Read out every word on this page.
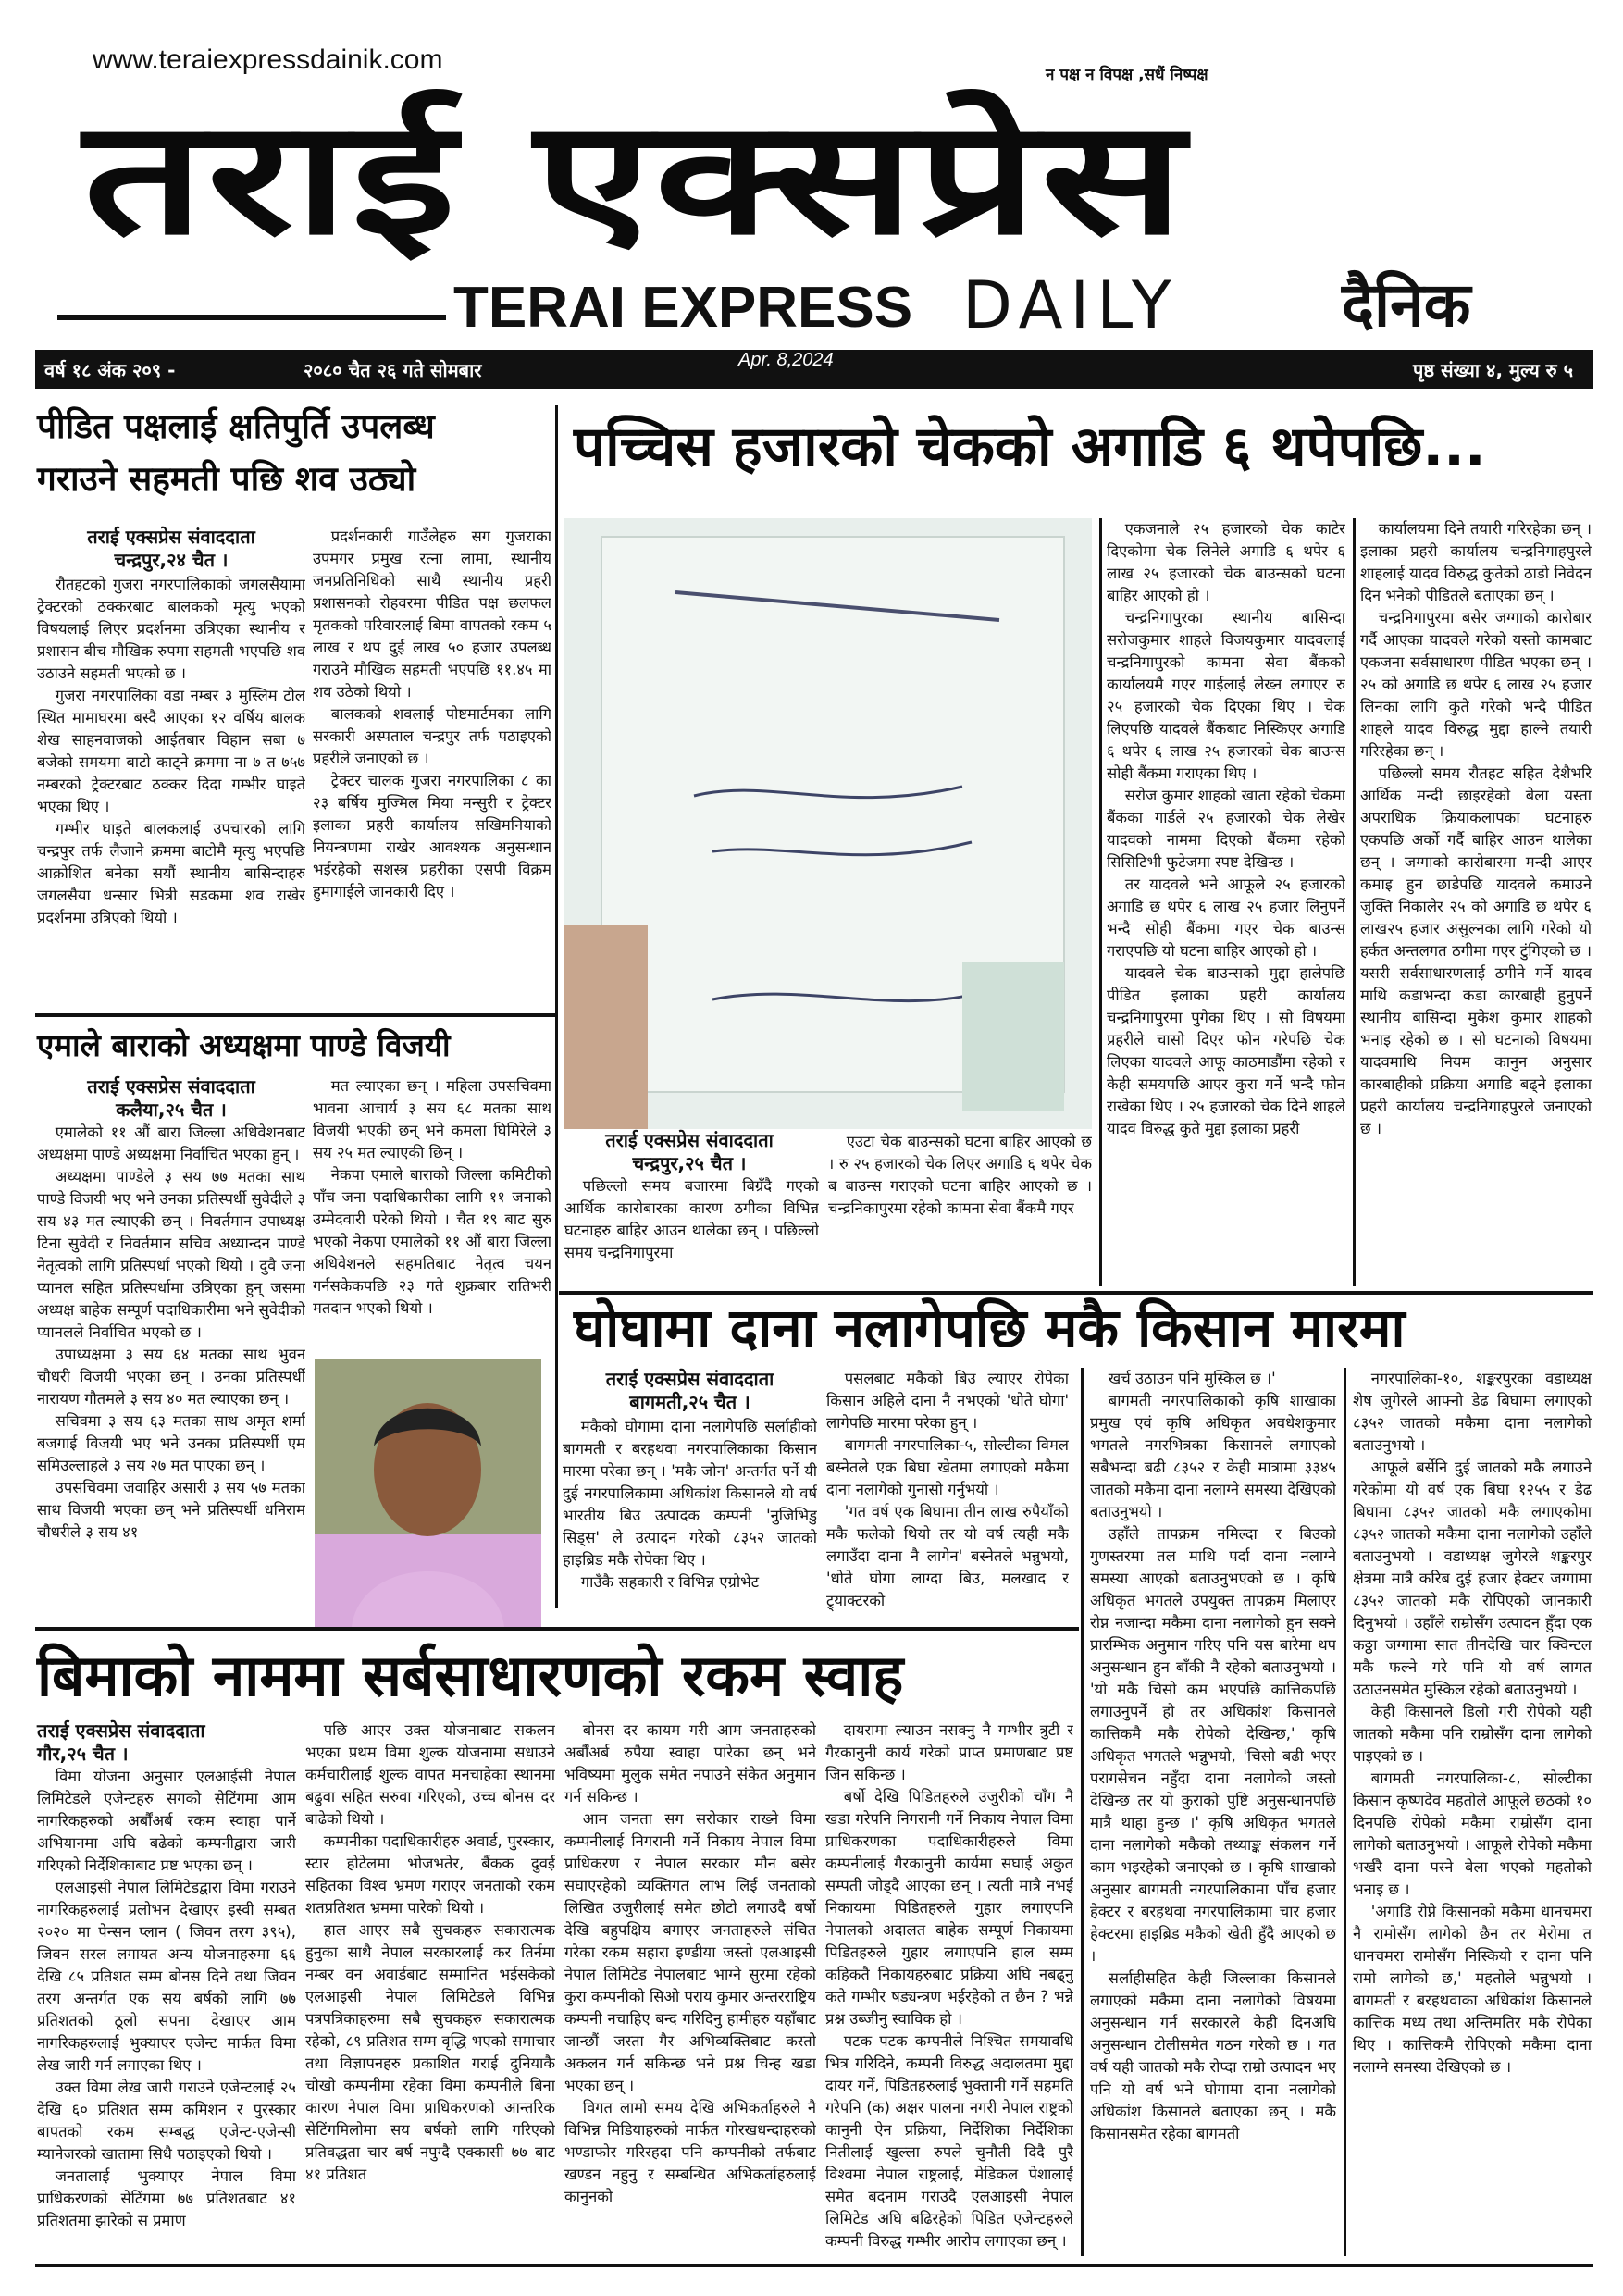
www.teraiexpressdainik.com	न पक्ष न विपक्ष ,सधैं निष्पक्ष
तराई एक्सप्रेस
TERAI EXPRESS DAILY	दैनिक
वर्ष १८ अंक २०९ -	२०८० चैत २६ गते सोमबार	Apr. 8,2024	पृष्ठ संख्या ४, मुल्य रु ५
पीडित पक्षलाई क्षतिपुर्ति उपलब्ध
गराउने सहमती पछि शव उठ्यो
तराई एक्सप्रेस संवाददाता
चन्द्रपुर,२४ चैत ।

रौतहटको गुजरा नगरपालिकाको जगलसैयामा ट्रेक्टरको ठक्करबाट बालकको मृत्यु भएको विषयलाई लिएर प्रदर्शनमा उत्रिएका स्थानीय र प्रशासन बीच मौखिक रुपमा सहमती भएपछि शव उठाउने सहमती भएको छ ।

गुजरा नगरपालिका वडा नम्बर ३ मुस्लिम टोल स्थित मामाघरमा बस्दै आएका १२ वर्षिय बालक शेख साहनवाजको आईतबार विहान सबा ७ बजेको समयमा बाटो काट्ने क्रममा ना ७ त ७५७ नम्बरको ट्रेक्टरबाट ठक्कर दिदा गम्भीर घाइते भएका थिए ।

गम्भीर घाइते बालकलाई उपचारको लागि चन्द्रपुर तर्फ लैजाने क्रममा बाटोमै मृत्यु भएपछि आक्रोशित बनेका सयौं स्थानीय बासिन्दाहरु जगलसैया धन्सार भित्री सडकमा शव राखेर प्रदर्शनमा उत्रिएको थियो ।

प्रदर्शनकारी गाउँलेहरु सग गुजराका उपमगर प्रमुख रत्ना लामा, स्थानीय जनप्रतिनिधिको साथै स्थानीय प्रहरी प्रशासनको रोहवरमा पीडित पक्ष छलफल मृतकको परिवारलाई बिमा वापतको रकम ५ लाख र थप दुई लाख ५० हजार उपलब्ध गराउने मौखिक सहमती भएपछि ११.४५ मा शव उठेको थियो ।

बालकको शवलाई पोष्टमार्टमका लागि सरकारी अस्पताल चन्द्रपुर तर्फ पठाइएको प्रहरीले जनाएको छ ।

ट्रेक्टर चालक गुजरा नगरपालिका ८ का २३ बर्षिय मुज्मिल मिया मन्सुरी र ट्रेक्टर इलाका प्रहरी कार्यालय सखिमनियाको नियन्त्रणमा राखेर आवश्यक अनुसन्धान भईरहेको सशस्त्र प्रहरीका एसपी विक्रम हुमागाईले जानकारी दिए ।

पच्चिस हजारको चेकको अगाडि ६ थपेपछि...
तराई एक्सप्रेस संवाददाता
चन्द्रपुर,२५ चैत ।

पछिल्लो समय बजारमा बिग्रँदै गएको आर्थिक कारोबारका कारण ठगीका विभिन्न घटनाहरु बाहिर आउन थालेका छन् । पछिल्लो समय चन्द्रनिगापुरमा

एउटा चेक बाउन्सको घटना बाहिर आएको छ । रु २५ हजारको चेक लिएर अगाडि ६ थपेर चेक ब बाउन्स गराएको घटना बाहिर आएको छ । चन्द्रनिकापुरमा रहेको कामना सेवा बैंकमै गएर

एकजनाले २५ हजारको चेक काटेर दिएकोमा चेक लिनेले अगाडि ६ थपेर ६ लाख २५ हजारको चेक बाउन्सको घटना बाहिर आएको हो ।

चन्द्रनिगापुरका स्थानीय बासिन्दा सरोजकुमार शाहले विजयकुमार यादवलाई चन्द्रनिगापुरको कामना सेवा बैंकको कार्यालयमै गएर गाईलाई लेख्न लगाएर रु २५ हजारको चेक दिएका थिए । चेक लिएपछि यादवले बैंकबाट निस्किएर अगाडि ६ थपेर ६ लाख २५ हजारको चेक बाउन्स सोही बैंकमा गराएका थिए ।

सरोज कुमार शाहको खाता रहेको चेकमा बैंकका गार्डले २५ हजारको चेक लेखेर यादवको नाममा दिएको बैंकमा रहेको सिसिटिभी फुटेजमा स्पष्ट देखिन्छ ।

तर यादवले भने आफूले २५ हजारको अगाडि छ थपेर ६ लाख २५ हजार लिनुपर्ने भन्दै सोही बैंकमा गएर चेक बाउन्स गराएपछि यो घटना बाहिर आएको हो ।

यादवले चेक बाउन्सको मुद्दा हालेपछि पीडित इलाका प्रहरी कार्यालय चन्द्रनिगापुरमा पुगेका थिए । सो विषयमा प्रहरीले चासो दिएर फोन गरेपछि चेक लिएका यादवले आफू काठमाडौंमा रहेको र केही समयपछि आएर कुरा गर्ने भन्दै फोन राखेका थिए । २५ हजारको चेक दिने शाहले यादव विरुद्ध कुते मुद्दा इलाका प्रहरी

कार्यालयमा दिने तयारी गरिरहेका छन् । इलाका प्रहरी कार्यालय चन्द्रनिगाहपुरले शाहलाई यादव विरुद्ध कुतेको ठाडो निवेदन दिन भनेको पीडितले बताएका छन् ।

चन्द्रनिगापुरमा बसेर जग्गाको कारोबार गर्दै आएका यादवले गरेको यस्तो कामबाट एकजना सर्वसाधारण पीडित भएका छन् । २५ को अगाडि छ थपेर ६ लाख २५ हजार लिनका लागि कुते गरेको भन्दै पीडित शाहले यादव विरुद्ध मुद्दा हाल्ने तयारी गरिरहेका छन् ।

पछिल्लो समय रौतहट सहित देशैभरि आर्थिक मन्दी छाइरहेको बेला यस्ता अपराधिक क्रियाकलापका घटनाहरु एकपछि अर्को गर्दै बाहिर आउन थालेका छन् । जग्गाको कारोबारमा मन्दी आएर कमाइ हुन छाडेपछि यादवले कमाउने जुक्ति निकालेर २५ को अगाडि छ थपेर ६ लाख२५ हजार असुल्नका लागि गरेको यो हर्कत अन्तलगत ठगीमा गएर टुंगिएको छ । यसरी सर्वसाधारणलाई ठगीने गर्ने यादव माथि कडाभन्दा कडा कारबाही हुनुपर्ने स्थानीय बासिन्दा मुकेश कुमार शाहको भनाइ रहेको छ । सो घटनाको विषयमा यादवमाथि नियम कानुन अनुसार कारबाहीको प्रक्रिया अगाडि बढ्ने इलाका प्रहरी कार्यालय चन्द्रनिगाहपुरले जनाएको छ ।

एमाले बाराको अध्यक्षमा पाण्डे विजयी
तराई एक्सप्रेस संवाददाता
कलैया,२५ चैत ।

एमालेको ११ औं बारा जिल्ला अधिवेशनबाट अध्यक्षमा पाण्डे अध्यक्षमा निर्वाचित भएका हुन् ।

अध्यक्षमा पाण्डेले ३ सय ७७ मतका साथ पाण्डे विजयी भए भने उनका प्रतिस्पर्धी सुवेदीले ३ सय ४३ मत ल्याएकी छन् । निवर्तमान उपाध्यक्ष टिना सुवेदी र निवर्तमान सचिव अध्यान्दन पाण्डे नेतृत्वको लागि प्रतिस्पर्धा भएको थियो । दुवै जना प्यानल सहित प्रतिस्पर्धामा उत्रिएका हुन् जसमा अध्यक्ष बाहेक सम्पूर्ण पदाधिकारीमा भने सुवेदीको प्यानलले निर्वाचित भएको छ ।

उपाध्यक्षमा ३ सय ६४ मतका साथ भुवन चौधरी विजयी भएका छन् । उनका प्रतिस्पर्धी नारायण गौतमले ३ सय ४० मत ल्याएका छन् ।

सचिवमा ३ सय ६३ मतका साथ अमृत शर्मा बजगाई विजयी भए भने उनका प्रतिस्पर्धी एम समिउल्लाहले ३ सय २७ मत पाएका छन् ।

उपसचिवमा जवाहिर असारी ३ सय ५७ मतका साथ विजयी भएका छन् भने प्रतिस्पर्धी धनिराम चौधरीले ३ सय ४१

मत ल्याएका छन् । महिला उपसचिवमा भावना आचार्य ३ सय ६८ मतका साथ विजयी भएकी छन् भने कमला घिमिरेले ३ सय २५ मत ल्याएकी छिन् ।

नेकपा एमाले बाराको जिल्ला कमिटीको पाँच जना पदाधिकारीका लागि ११ जनाको उम्मेदवारी परेको थियो । चैत १९ बाट सुरु भएको नेकपा एमालेको ११ औं बारा जिल्ला अधिवेशनले सहमतिबाट नेतृत्व चयन गर्नसकेकपछि २३ गते शुक्रबार रातिभरी मतदान भएको थियो ।	घोघामा दाना नलागेपछि मकै किसान मारमा
तराई एक्सप्रेस संवाददाता
बागमती,२५ चैत ।

मकैको घोगामा दाना नलागेपछि सर्लाहीको बागमती र बरहथवा नगरपालिकाका किसान मारमा परेका छन् । 'मकै जोन' अन्तर्गत पर्ने यी दुई नगरपालिकामा अधिकांश किसानले यो वर्ष भारतीय बिउ उत्पादक कम्पनी 'नुजिभिडु सिड्स' ले उत्पादन गरेको ८३५२ जातको हाइब्रिड मकै रोपेका थिए ।

गाउँकै सहकारी र विभिन्न एग्रोभेट

पसलबाट मकैको बिउ ल्याएर रोपेका किसान अहिले दाना नै नभएको 'धोते घोगा' लागेपछि मारमा परेका हुन् ।

बागमती नगरपालिका-५, सोल्टीका विमल बस्नेतले एक बिघा खेतमा लगाएको मकैमा दाना नलागेको गुनासो गर्नुभयो ।

'गत वर्ष एक बिघामा तीन लाख रुपैयाँको मकै फलेको थियो तर यो वर्ष त्यही मकै लगाउँदा दाना नै लागेन' बस्नेतले भन्नुभयो, 'धोते घोगा लाग्दा बिउ, मलखाद र ट्र्याक्टरको

खर्च उठाउन पनि मुस्किल छ ।'

बागमती नगरपालिकाको कृषि शाखाका प्रमुख एवं कृषि अधिकृत अवधेशकुमार भगतले नगरभित्रका किसानले लगाएको सबैभन्दा बढी ८३५२ र केही मात्रामा ३३४५ जातको मकैमा दाना नलाग्ने समस्या देखिएको बताउनुभयो ।

उहाँले तापक्रम नमिल्दा र बिउको गुणस्तरमा तल माथि पर्दा दाना नलाग्ने समस्या आएको बताउनुभएको छ । कृषि अधिकृत भगतले उपयुक्त तापक्रम मिलाएर रोप्न नजान्दा मकैमा दाना नलागेको हुन सक्ने प्रारम्भिक अनुमान गरिए पनि यस बारेमा थप अनुसन्धान हुन बाँकी नै रहेको बताउनुभयो । 'यो मकै चिसो कम भएपछि कात्तिकपछि लगाउनुपर्ने हो तर अधिकांश किसानले कात्तिकमै मकै रोपेको देखिन्छ,' कृषि अधिकृत भगतले भन्नुभयो, 'चिसो बढी भएर परागसेचन नहुँदा दाना नलागेको जस्तो देखिन्छ तर यो कुराको पुष्टि अनुसन्धानपछि मात्रै थाहा हुन्छ ।' कृषि अधिकृत भगतले दाना नलागेको मकैको तथ्याङ्क संकलन गर्ने काम भइरहेको जनाएको छ । कृषि शाखाको अनुसार बागमती नगरपालिकामा पाँच हजार हेक्टर र बरहथवा नगरपालिकामा चार हजार हेक्टरमा हाइब्रिड मकैको खेती हुँदै आएको छ ।

सर्लाहीसहित केही जिल्लाका किसानले लगाएको मकैमा दाना नलागेको विषयमा अनुसन्धान गर्न सरकारले केही दिनअघि अनुसन्धान टोलीसमेत गठन गरेको छ । गत वर्ष यही जातको मकै रोप्दा राम्रो उत्पादन भए पनि यो वर्ष भने घोगामा दाना नलागेको अधिकांश किसानले बताएका छन् । मकै किसानसमेत रहेका बागमती

नगरपालिका-१०, शङ्करपुरका वडाध्यक्ष शेष जुगेरले आफ्नो डेढ बिघामा लगाएको ८३५२ जातको मकैमा दाना नलागेको बताउनुभयो ।

आफूले बर्सेनि दुई जातको मकै लगाउने गरेकोमा यो वर्ष एक बिघा १२५५ र डेढ बिघामा ८३५२ जातको मकै लगाएकोमा ८३५२ जातको मकैमा दाना नलागेको उहाँले बताउनुभयो । वडाध्यक्ष जुगेरले शङ्करपुर क्षेत्रमा मात्रै करिब दुई हजार हेक्टर जग्गामा ८३५२ जातको मकै रोपिएको जानकारी दिनुभयो । उहाँले राम्रोसँग उत्पादन हुँदा एक कठ्ठा जग्गामा सात तीनदेखि चार क्विन्टल मकै फल्ने गरे पनि यो वर्ष लागत उठाउनसमेत मुस्किल रहेको बताउनुभयो ।

केही किसानले डिलो गरी रोपेको यही जातको मकैमा पनि राम्रोसँग दाना लागेको पाइएको छ ।

बागमती नगरपालिका-८, सोल्टीका किसान कृष्णदेव महतोले आफूले छठको १० दिनपछि रोपेको मकैमा राम्रोसँग दाना लागेको बताउनुभयो । आफूले रोपेको मकैमा भर्खरै दाना पस्ने बेला भएको महतोको भनाइ छ ।

'अगाडि रोप्ने किसानको मकैमा धानचमरा नै रामोसँग लागेको छैन तर मेरोमा त धानचमरा रामोसँग निस्कियो र दाना पनि रामो लागेको छ,' महतोले भन्नुभयो । बागमती र बरहथवाका अधिकांश किसानले कात्तिक मध्य तथा अन्तिमतिर मकै रोपेका थिए । कात्तिकमै रोपिएको मकैमा दाना नलाग्ने समस्या देखिएको छ ।

बिमाको नाममा सर्बसाधारणको रकम स्वाह
तराई एक्सप्रेस संवाददाता
गौर,२५ चैत ।

विमा योजना अनुसार एलआईसी नेपाल लिमिटेडले एजेन्टहरु सगको सेटिंगमा आम नागरिकहरुको अर्बौंअर्ब रकम स्वाहा पार्ने अभियानमा अघि बढेको कम्पनीद्वारा जारी गरिएको निर्देशिकाबाट प्रष्ट भएका छन् ।

एलआइसी नेपाल लिमिटेडद्वारा विमा गराउने नागरिकहरुलाई प्रलोभन देखाएर इस्वी सम्बत २०२० मा पेन्सन प्लान ( जिवन तरग ३९५), जिवन सरल लगायत अन्य योजनाहरुमा ६६ देखि ८५ प्रतिशत सम्म बोनस दिने तथा जिवन तरग अन्तर्गत एक सय बर्षको लागि ७७ प्रतिशतको ठूलो सपना देखाएर आम नागरिकहरुलाई भुक्याएर एजेन्ट मार्फत विमा लेख जारी गर्न लगाएका थिए ।

उक्त विमा लेख जारी गराउने एजेन्टलाई २५ देखि ६० प्रतिशत सम्म कमिशन र पुरस्कार बापतको रकम सम्बद्ध एजेन्ट-एजेन्सी म्यानेजरको खातामा सिधै पठाइएको थियो ।

जनतालाई भुक्याएर नेपाल विमा प्राधिकरणको सेटिंगमा ७७ प्रतिशतबाट ४१ प्रतिशतमा झारेको स प्रमाण

पछि आएर उक्त योजनाबाट सकलन भएका प्रथम विमा शुल्क योजनामा सधाउने कर्मचारीलाई शुल्क वापत मनचाहेका स्थानमा बढुवा सहित सरुवा गरिएको, उच्च बोनस दर बाढेको थियो ।

कम्पनीका पदाधिकारीहरु अवार्ड, पुरस्कार, स्टार होटेलमा भोजभतेर, बैंकक दुवई सहितका विश्व भ्रमण गराएर जनताको रकम शतप्रतिशत भ्रममा पारेको थियो ।

हाल आएर सबै सुचकहरु सकारात्मक हुनुका साथै नेपाल सरकारलाई कर तिर्नमा नम्बर वन अवार्डबाट सम्मानित भईसकेको एलआइसी नेपाल लिमिटेडले विभिन्न पत्रपत्रिकाहरुमा सबै सुचकहरु सकारात्मक रहेको, ८९ प्रतिशत सम्म वृद्धि भएको समाचार तथा विज्ञापनहरु प्रकाशित गराई दुनियाकै चोखो कम्पनीमा रहेका विमा कम्पनीले बिना कारण नेपाल विमा प्राधिकरणको आन्तरिक सेटिंगमिलोमा सय बर्षको लागि गरिएको प्रतिवद्धता चार बर्ष नपुग्दै एक्कासी ७७ बाट ४१ प्रतिशत

बोनस दर कायम गरी आम जनताहरुको अर्बौंअर्ब रुपैया स्वाहा पारेका छन् भने भविष्यमा मुलुक समेत नपाउने संकेत अनुमान गर्न सकिन्छ ।

आम जनता सग सरोकार राख्ने विमा कम्पनीलाई निगरानी गर्ने निकाय नेपाल विमा प्राधिकरण र नेपाल सरकार मौन बसेर सघाएरहेको व्यक्तिगत लाभ लिई जनताको लिखित उजुरीलाई समेत छोटो लगाउदै बर्षो देखि बहुपक्षिय बगाएर जनताहरुले संचित गरेका रकम सहारा इण्डीया जस्तो एलआइसी नेपाल लिमिटेड नेपालबाट भाग्ने सुरमा रहेको कुरा कम्पनीको सिओ पराय कुमार अन्तरराष्ट्रिय कम्पनी नचाहिए बन्द गरिदिनु हामीहरु यहाँबाट जान्छौं जस्ता गैर अभिव्यक्तिबाट कस्तो अकलन गर्न सकिन्छ भने प्रश्न चिन्ह खडा भएका छन् ।

विगत लामो समय देखि अभिकर्ताहरुले नै विभिन्न मिडियाहरुको मार्फत गोरखधन्दाहरुको भण्डाफोर गरिरहदा पनि कम्पनीको तर्फबाट खण्डन नहुनु र सम्बन्धित अभिकर्ताहरुलाई कानुनको

दायरामा ल्याउन नसक्नु नै गम्भीर त्रुटी र गैरकानुनी कार्य गरेको प्राप्त प्रमाणबाट प्रष्ट जिन सकिन्छ ।

बर्षो देखि पिडितहरुले उजुरीको चाँग नै खडा गरेपनि निगरानी गर्ने निकाय नेपाल विमा प्राधिकरणका पदाधिकारीहरुले विमा कम्पनीलाई गैरकानुनी कार्यमा सघाई अकुत सम्पती जोड्दै आएका छन् । त्यती मात्रै नभई निकायमा पिडितहरुले गुहार लगाएपनि नेपालको अदालत बाहेक सम्पूर्ण निकायमा पिडितहरुले गुहार लगाएपनि हाल सम्म कहिकतै निकायहरुबाट प्रक्रिया अघि नबढ्नु कते गम्भीर षड्यन्त्रण भईरहेको त छैन ? भन्ने प्रश्न उब्जीनु स्वाविक हो ।

पटक पटक कम्पनीले निश्चित समयावधि भित्र गरिदिने, कम्पनी विरुद्ध अदालतमा मुद्दा दायर गर्ने, पिडितहरुलाई भुक्तानी गर्ने सहमति गरेपनि (क) अक्षर पालना नगरी नेपाल राष्ट्रको कानुनी ऐन प्रक्रिया, निर्देशिका निर्देशिका नितीलाई खुल्ला रुपले चुनौती दिदै पुरै विश्वमा नेपाल राष्ट्रलाई, मेडिकल पेशालाई समेत बदनाम गराउदै एलआइसी नेपाल लिमिटेड अघि बढिरहेको पिडित एजेन्टहरुले कम्पनी विरुद्ध गम्भीर आरोप लगाएका छन् ।
